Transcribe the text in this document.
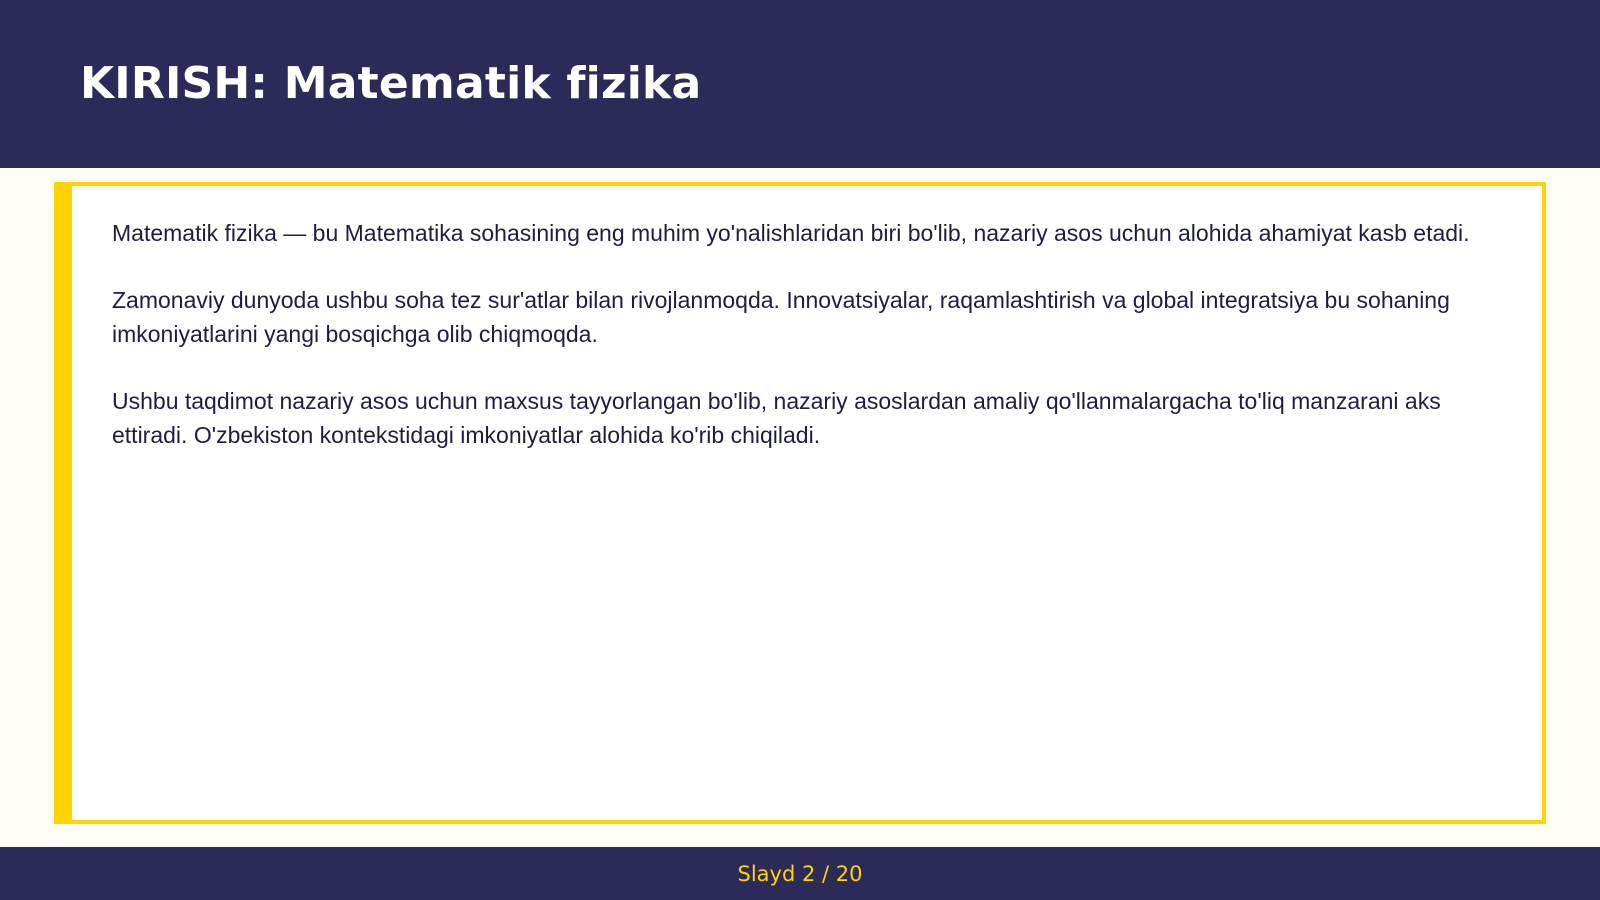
KIRISH: Matematik fizika

Matematik fizika — bu Matematika sohasining eng muhim yo'nalishlaridan biri bo'lib, nazariy asos uchun alohida ahamiyat kasb etadi.

Zamonaviy dunyoda ushbu soha tez sur'atlar bilan rivojlanmoqda. Innovatsiyalar, raqamlashtirish va global integratsiya bu sohaning imkoniyatlarini yangi bosqichga olib chiqmoqda.

Ushbu taqdimot nazariy asos uchun maxsus tayyorlangan bo'lib, nazariy asoslardan amaliy qo'llanmalargacha to'liq manzarani aks ettiradi. O'zbekiston kontekstidagi imkoniyatlar alohida ko'rib chiqiladi.

Slayd 2 / 20
